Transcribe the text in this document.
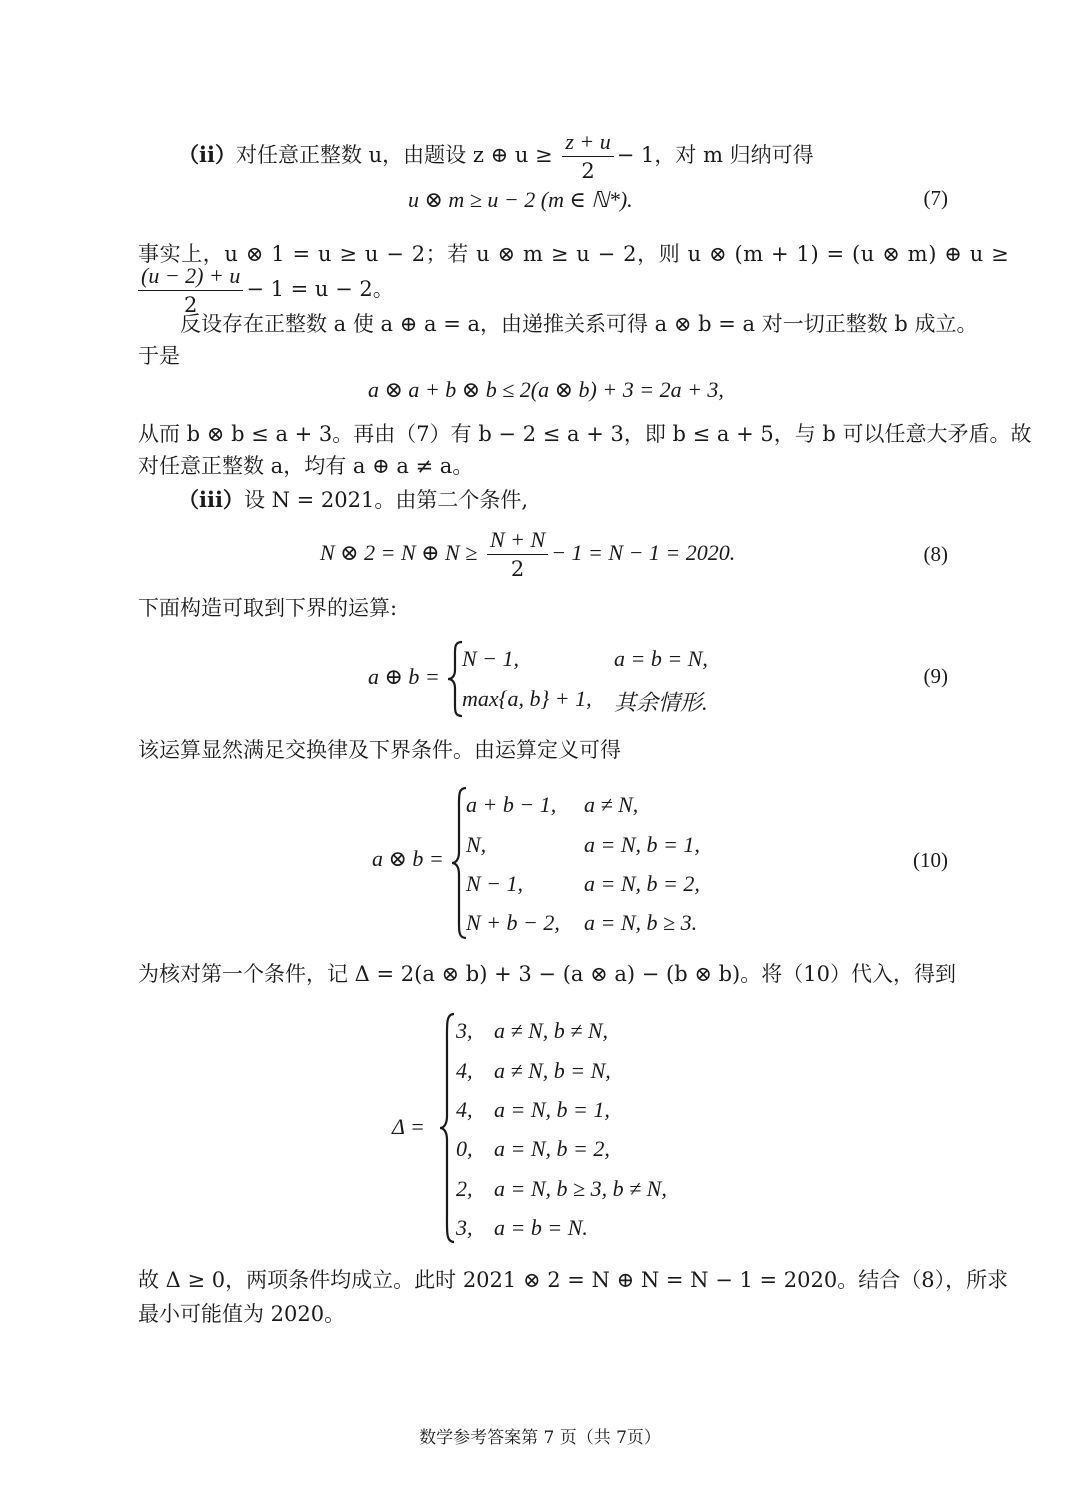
（ii）对任意正整数 u，由题设 z ⊕ $u \ge \frac{z + u}{2} - 1$，对 m 归纳可得
u ⊗ m ≥ u − 2 (m ∈ ℕ*).	(7)
事实上，u ⊗ 1 = u ≥ u − 2；若 u ⊗ m ≥ u − 2，则 u ⊗ (m + 1) = (u ⊗ m) ⊕ u ≥
$\frac{(u - 2) + u}{2} - 1 = u - 2$。
反设存在正整数 a 使 a ⊕ a = a，由递推关系可得 a ⊗ b = a 对一切正整数 b 成立。
于是
a ⊗ a + b ⊗ b ≤ 2(a ⊗ b) + 3 = 2a + 3,
从而 b ⊗ b ≤ a + 3。再由（7）有 b − 2 ≤ a + 3，即 b ≤ a + 5，与 b 可以任意大矛盾。故
对任意正整数 a，均有 a ⊕ a ≠ a。
（iii）设 N = 2021。由第二个条件,
N ⊗ 2 = N ⊕ $N \ge \frac{N + N}{2} - 1 = N - 1 = 2020$.	(8)
下面构造可取到下界的运算:
a ⊕ b =
N − 1,	a = b = N,
max{a, b} + 1, 其余情形.
(9)
该运算显然满足交换律及下界条件。由运算定义可得
a ⊗ b =
a + b − 1, a ≠ N,
N,	a = N, b = 1,
N − 1,	a = N, b = 2,
N + b − 2, a = N, b ≥ 3.
(10)
为核对第一个条件，记 Δ = 2(a ⊗ b) + 3 − (a ⊗ a) − (b ⊗ b)。将（10）代入，得到
Δ =
3, a ≠ N, b ≠ N,
4, a ≠ N, b = N,
4, a = N, b = 1,
0, a = N, b = 2,
2, a = N, b ≥ 3, b ≠ N,
3, a = b = N.
故 Δ ≥ 0，两项条件均成立。此时 2021 ⊗ 2 = N ⊕ N = N − 1 = 2020。结合（8），所求
最小可能值为 2020。
数学参考答案第 7 页（共 7页）
